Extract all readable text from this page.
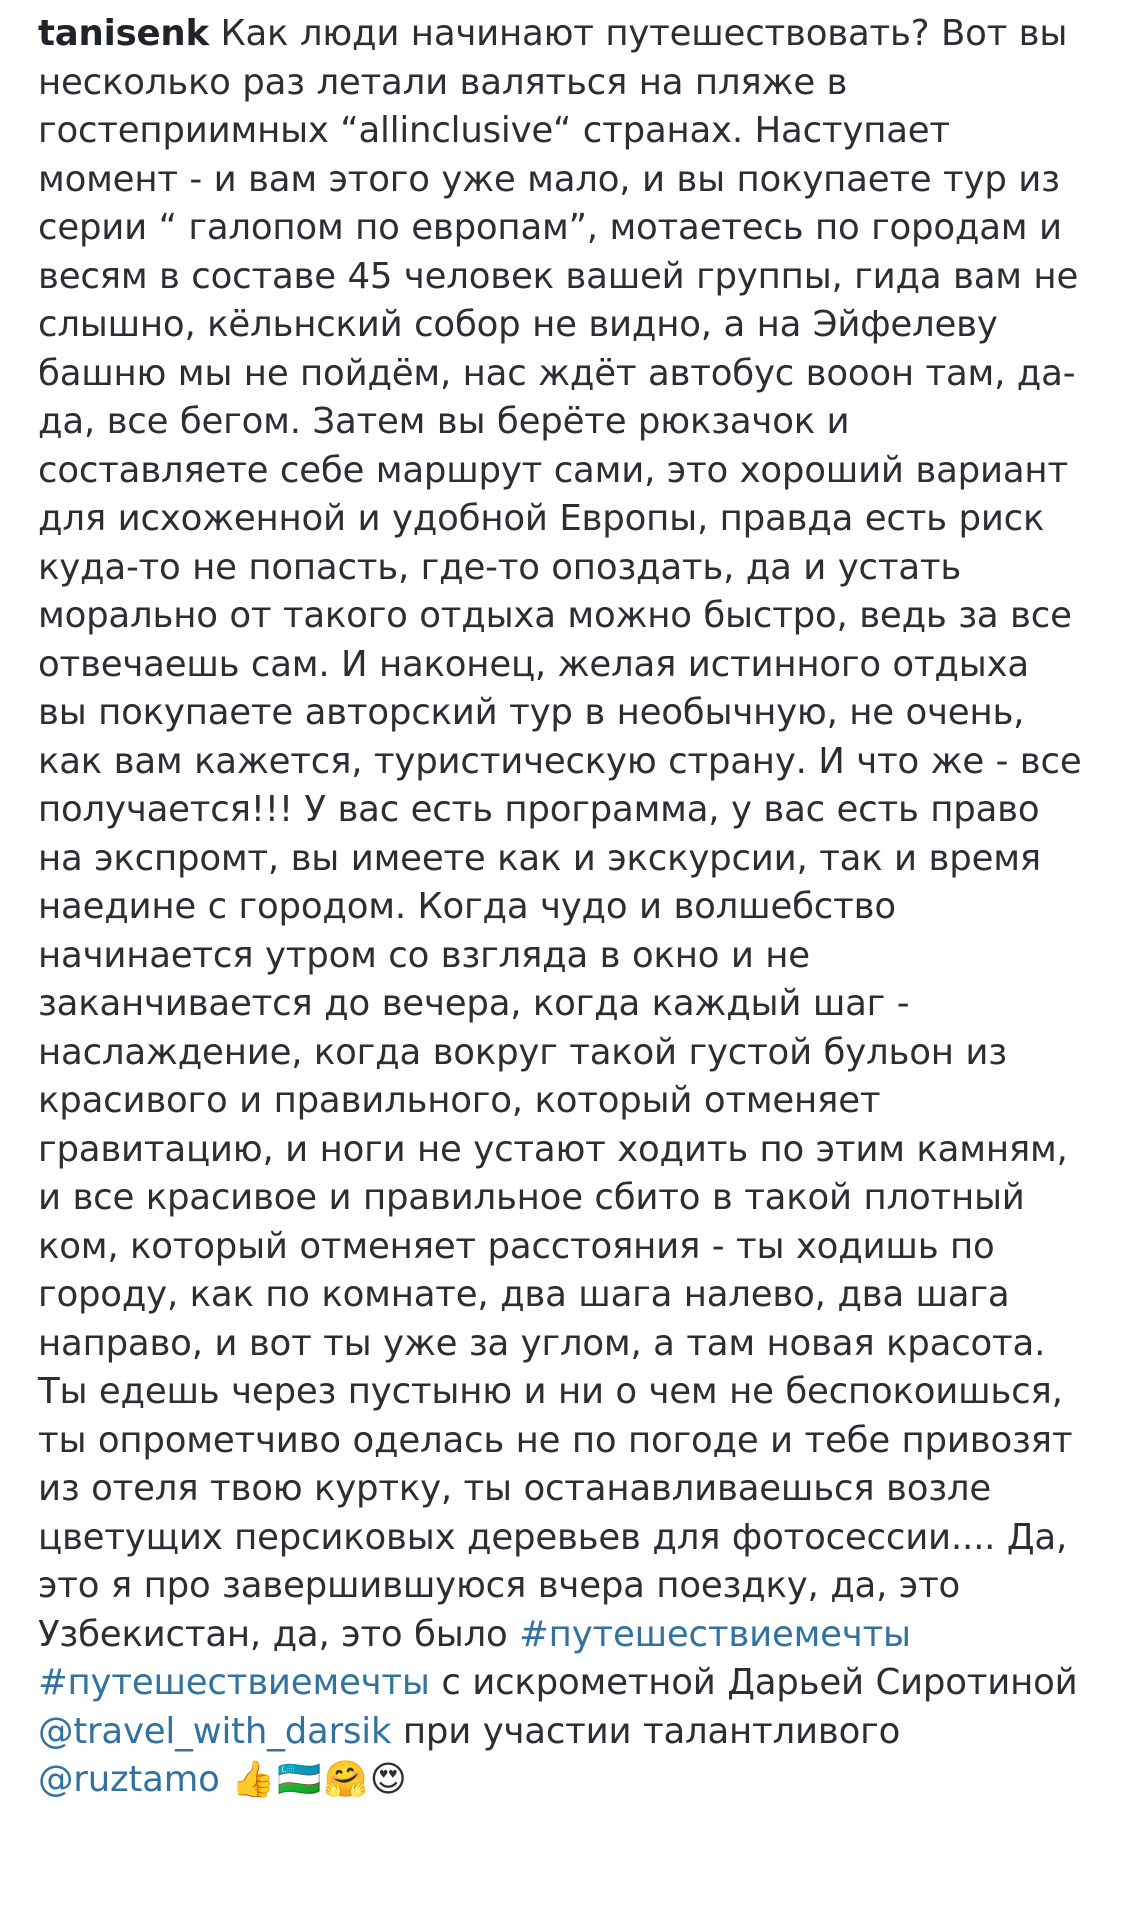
tanisenk Как люди начинают путешествовать? Вот вы несколько раз летали валяться на пляже в гостеприимных “allinclusive“ странах. Наступает момент - и вам этого уже мало, и вы покупаете тур из серии “ галопом по европам”, мотаетесь по городам и весям в составе 45 человек вашей группы, гида вам не слышно, кёльнский собор не видно, а на Эйфелеву башню мы не пойдём, нас ждёт автобус вооон там, да-да, все бегом. Затем вы берёте рюкзачок и составляете себе маршрут сами, это хороший вариант для исхоженной и удобной Европы, правда есть риск куда-то не попасть, где-то опоздать, да и устать морально от такого отдыха можно быстро, ведь за все отвечаешь сам. И наконец, желая истинного отдыха вы покупаете авторский тур в необычную, не очень, как вам кажется, туристическую страну. И что же - все получается!!! У вас есть программа, у вас есть право на экспромт, вы имеете как и экскурсии, так и время наедине с городом. Когда чудо и волшебство начинается утром со взгляда в окно и не заканчивается до вечера, когда каждый шаг - наслаждение, когда вокруг такой густой бульон из красивого и правильного, который отменяет гравитацию, и ноги не устают ходить по этим камням, и все красивое и правильное сбито в такой плотный ком, который отменяет расстояния - ты ходишь по городу, как по комнате, два шага налево, два шага направо, и вот ты уже за углом, а там новая красота. Ты едешь через пустыню и ни о чем не беспокоишься, ты опрометчиво оделась не по погоде и тебе привозят из отеля твою куртку, ты останавливаешься возле цветущих персиковых деревьев для фотосессии.... Да, это я про завершившуюся вчера поездку, да, это Узбекистан, да, это было #путешествиемечты #путешествиемечты с искрометной Дарьей Сиротиной @travel_with_darsik при участии талантливого @ruztamo 👍🇺🇿🤗😍
